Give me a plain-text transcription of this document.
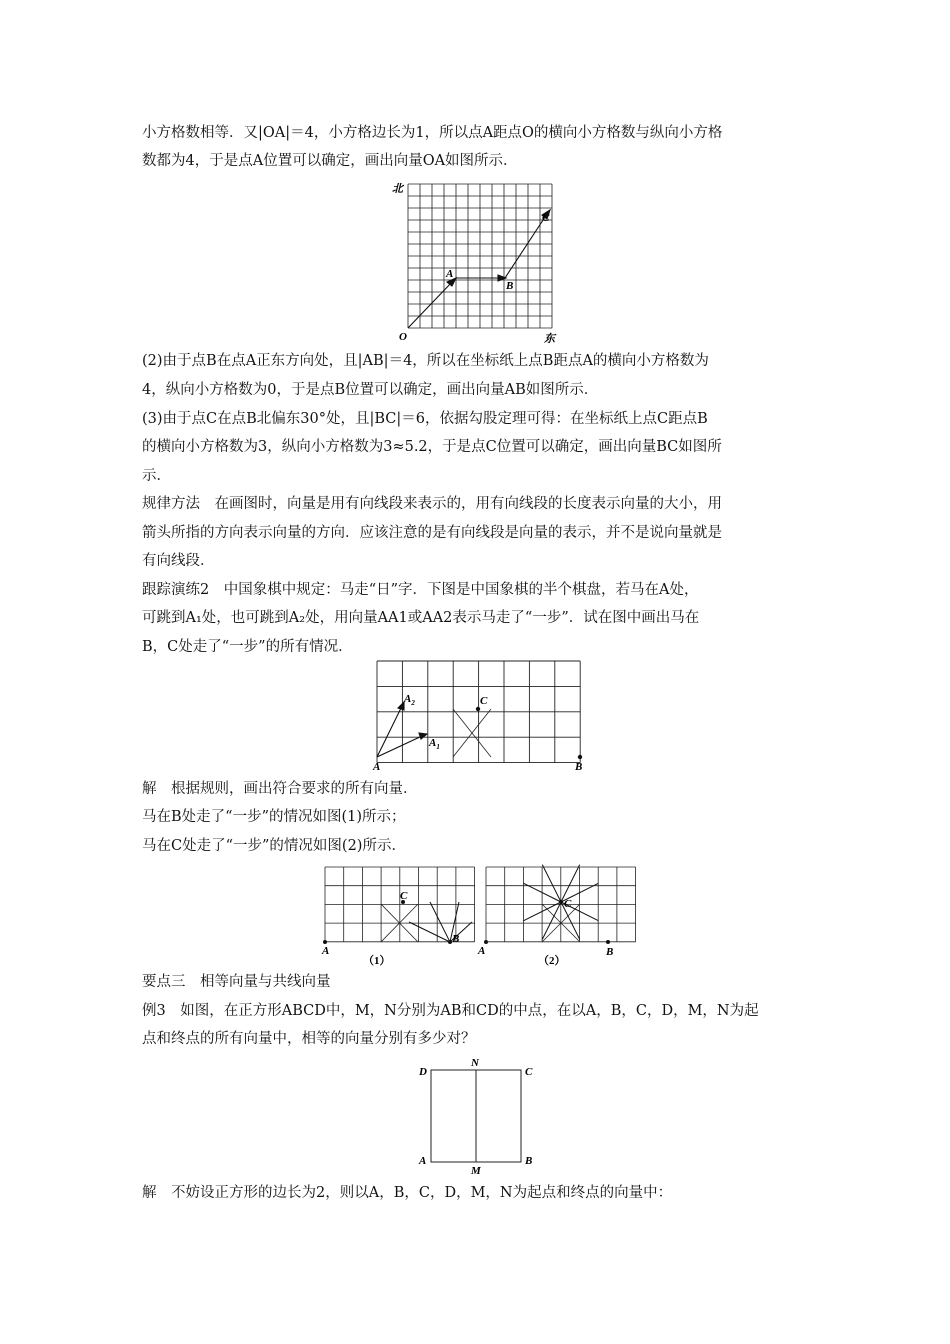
小方格数相等．又|OA|＝4，小方格边长为1，所以点A距点O的横向小方格数与纵向小方格
数都为4，于是点A位置可以确定，画出向量OA如图所示．
北
东
O
A
B
C
(2)由于点B在点A正东方向处，且|AB|＝4，所以在坐标纸上点B距点A的横向小方格数为
4，纵向小方格数为0，于是点B位置可以确定，画出向量AB如图所示．
(3)由于点C在点B北偏东30°处，且|BC|＝6，依据勾股定理可得：在坐标纸上点C距点B
的横向小方格数为3，纵向小方格数为3≈5.2，于是点C位置可以确定，画出向量BC如图所
示．
规律方法　在画图时，向量是用有向线段来表示的，用有向线段的长度表示向量的大小，用
箭头所指的方向表示向量的方向．应该注意的是有向线段是向量的表示，并不是说向量就是
有向线段．
跟踪演练2　中国象棋中规定：马走“日”字．下图是中国象棋的半个棋盘，若马在A处，
可跳到A₁处，也可跳到A₂处，用向量AA1或AA2表示马走了“一步”．试在图中画出马在
B，C处走了“一步”的所有情况．
A	B
C
$A_2$
$A_1$
解　根据规则，画出符合要求的所有向量．
马在B处走了“一步”的情况如图(1)所示；
马在C处走了“一步”的情况如图(2)所示．
C
B
A
C
B
A
（1）	（2）
要点三　相等向量与共线向量
例3　如图，在正方形ABCD中，M，N分别为AB和CD的中点，在以A，B，C，D，M，N为起
点和终点的所有向量中，相等的向量分别有多少对？
D
N
C
A
M
B
解　不妨设正方形的边长为2，则以A，B，C，D，M，N为起点和终点的向量中：
